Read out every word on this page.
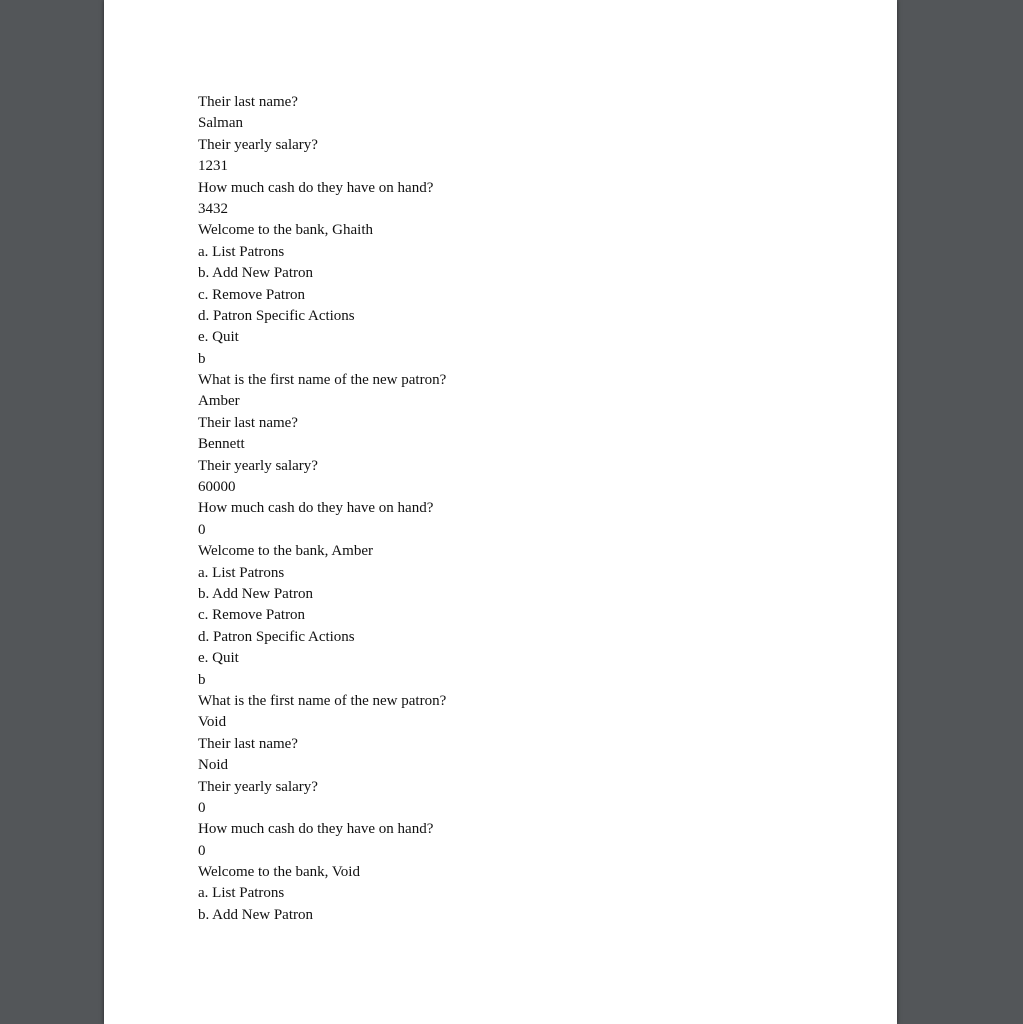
Their last name?
Salman
Their yearly salary?
1231
How much cash do they have on hand?
3432
Welcome to the bank, Ghaith
a. List Patrons
b. Add New Patron
c. Remove Patron
d. Patron Specific Actions
e. Quit
b
What is the first name of the new patron?
Amber
Their last name?
Bennett
Their yearly salary?
60000
How much cash do they have on hand?
0
Welcome to the bank, Amber
a. List Patrons
b. Add New Patron
c. Remove Patron
d. Patron Specific Actions
e. Quit
b
What is the first name of the new patron?
Void
Their last name?
Noid
Their yearly salary?
0
How much cash do they have on hand?
0
Welcome to the bank, Void
a. List Patrons
b. Add New Patron
